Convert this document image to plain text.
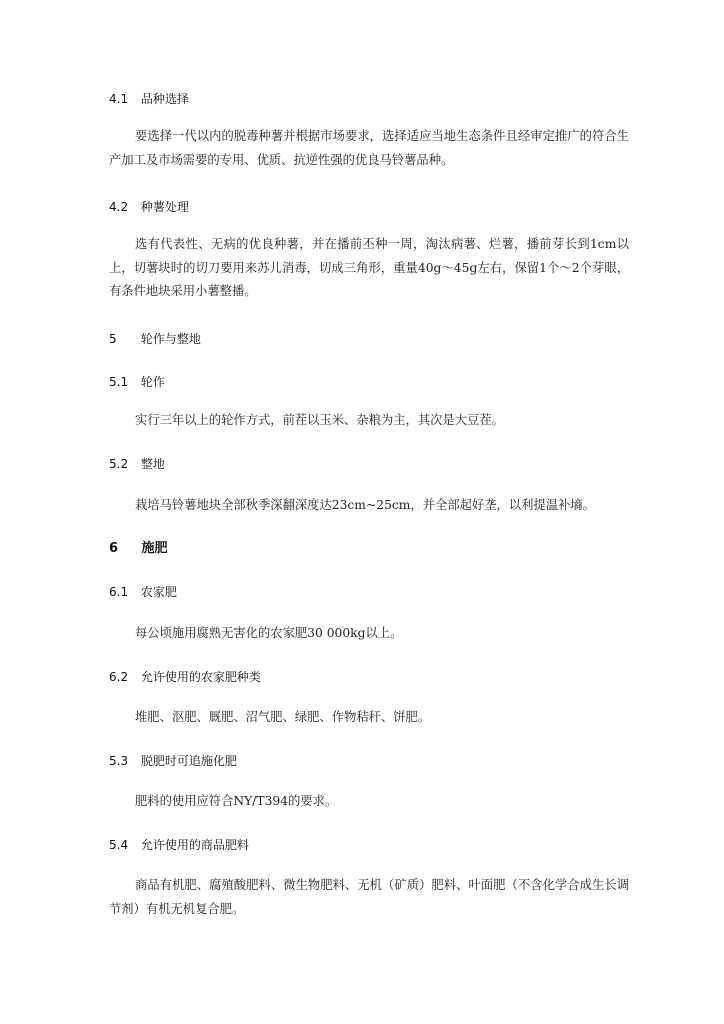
4.1 品种选择
要选择一代以内的脱毒种薯并根据市场要求，选择适应当地生态条件且经审定推广的符合生产加工及市场需要的专用、优质、抗逆性强的优良马铃薯品种。
4.2 种薯处理
选有代表性、无病的优良种薯，并在播前丕种一周，淘汰病薯、烂薯，播前芽长到1cm以上，切薯块时的切刀要用来苏儿消毒，切成三角形，重量40g～45g左右，保留1个～2个芽眼，有条件地块采用小薯整播。
5 轮作与整地
5.1 轮作
实行三年以上的轮作方式，前茬以玉米、杂粮为主，其次是大豆茬。
5.2 整地
栽培马铃薯地块全部秋季深翻深度达23cm~25cm，并全部起好垄，以利提温补墒。
6 施肥
6.1 农家肥
每公顷施用腐熟无害化的农家肥30 000kg以上。
6.2 允许使用的农家肥种类
堆肥、沤肥、厩肥、沼气肥、绿肥、作物秸秆、饼肥。
5.3 脱肥时可追施化肥
肥料的使用应符合NY/T394的要求。
5.4 允许使用的商品肥料
商品有机肥、腐殖酸肥料、微生物肥料、无机（矿质）肥料、叶面肥（不含化学合成生长调节剂）有机无机复合肥。
